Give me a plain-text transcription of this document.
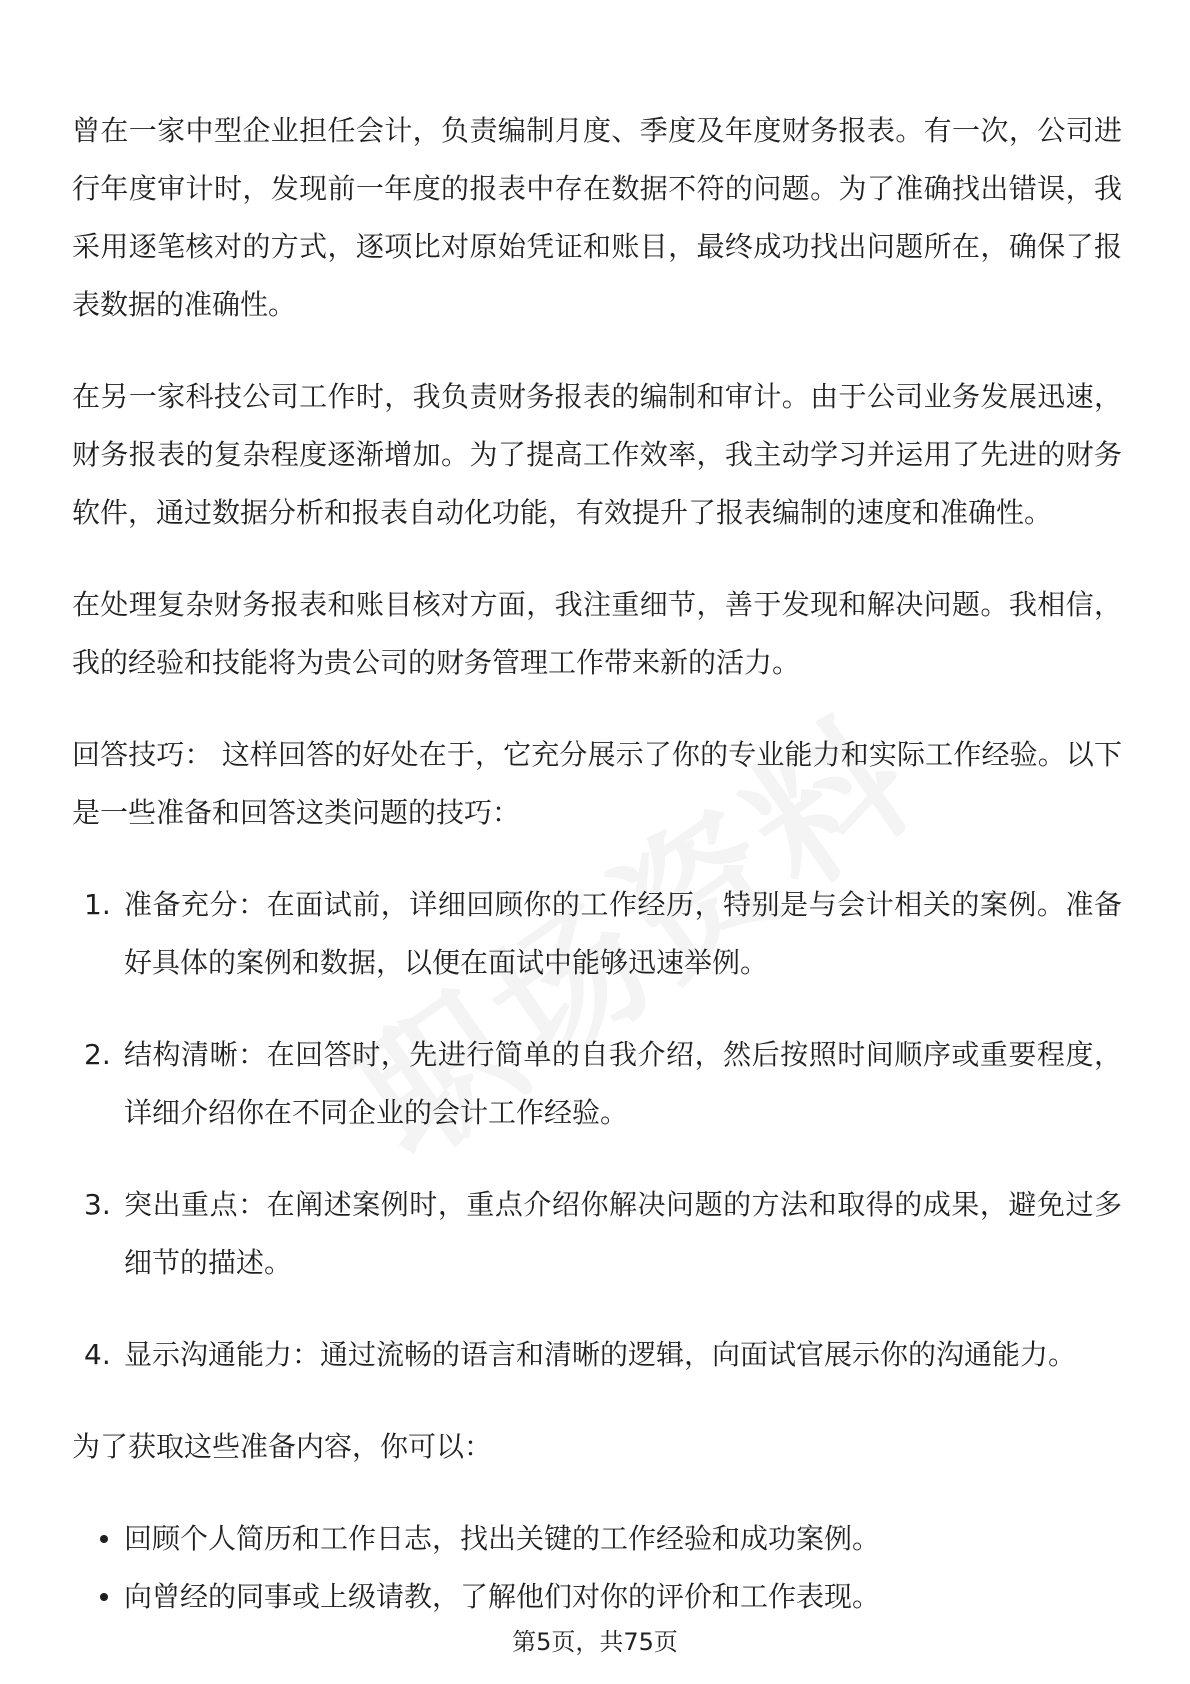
曾在一家中型企业担任会计，负责编制月度、季度及年度财务报表。有一次，公司进行年度审计时，发现前一年度的报表中存在数据不符的问题。为了准确找出错误，我采用逐笔核对的方式，逐项比对原始凭证和账目，最终成功找出问题所在，确保了报表数据的准确性。

在另一家科技公司工作时，我负责财务报表的编制和审计。由于公司业务发展迅速，财务报表的复杂程度逐渐增加。为了提高工作效率，我主动学习并运用了先进的财务软件，通过数据分析和报表自动化功能，有效提升了报表编制的速度和准确性。

在处理复杂财务报表和账目核对方面，我注重细节，善于发现和解决问题。我相信，我的经验和技能将为贵公司的财务管理工作带来新的活力。

回答技巧： 这样回答的好处在于，它充分展示了你的专业能力和实际工作经验。以下是一些准备和回答这类问题的技巧：

1. 准备充分：在面试前，详细回顾你的工作经历，特别是与会计相关的案例。准备好具体的案例和数据，以便在面试中能够迅速举例。
2. 结构清晰：在回答时，先进行简单的自我介绍，然后按照时间顺序或重要程度，详细介绍你在不同企业的会计工作经验。
3. 突出重点：在阐述案例时，重点介绍你解决问题的方法和取得的成果，避免过多细节的描述。
4. 显示沟通能力：通过流畅的语言和清晰的逻辑，向面试官展示你的沟通能力。

为了获取这些准备内容，你可以：

回顾个人简历和工作日志，找出关键的工作经验和成功案例。
向曾经的同事或上级请教，了解他们对你的评价和工作表现。
第5页，共75页
